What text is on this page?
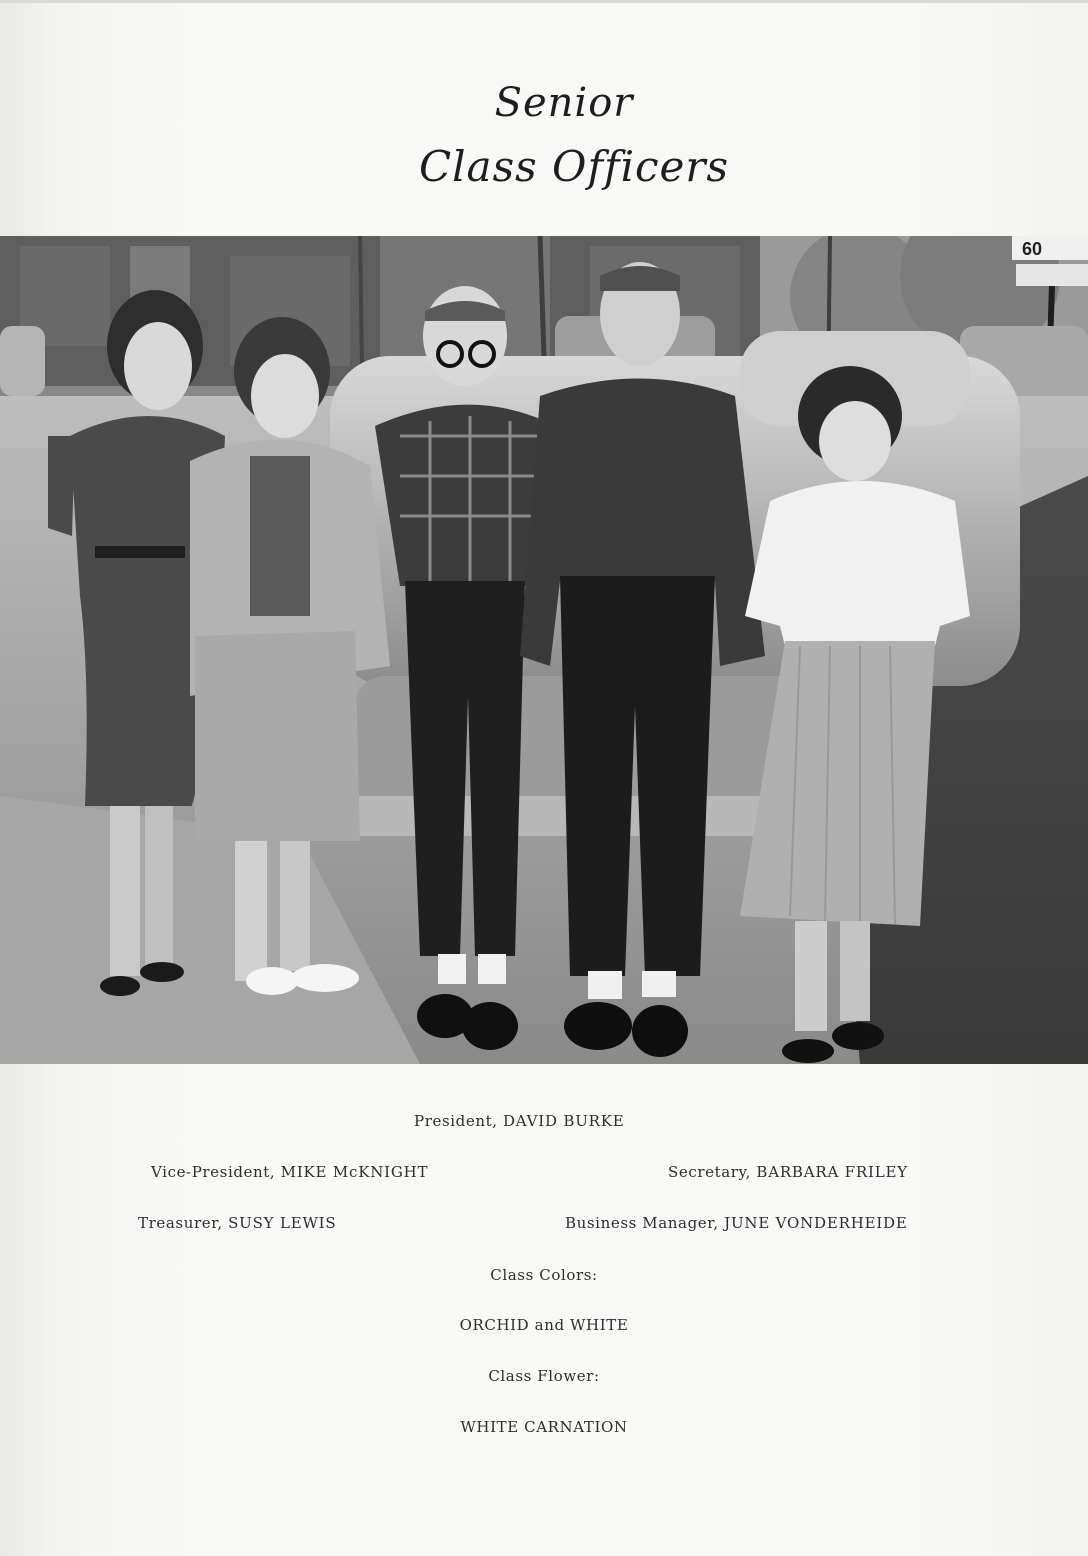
Senior
Class Officers
60
President, DAVID BURKE
Vice-President, MIKE McKNIGHT	Secretary, BARBARA FRILEY
Treasurer, SUSY LEWIS	Business Manager, JUNE VONDERHEIDE
Class Colors:
ORCHID and WHITE
Class Flower:
WHITE CARNATION
